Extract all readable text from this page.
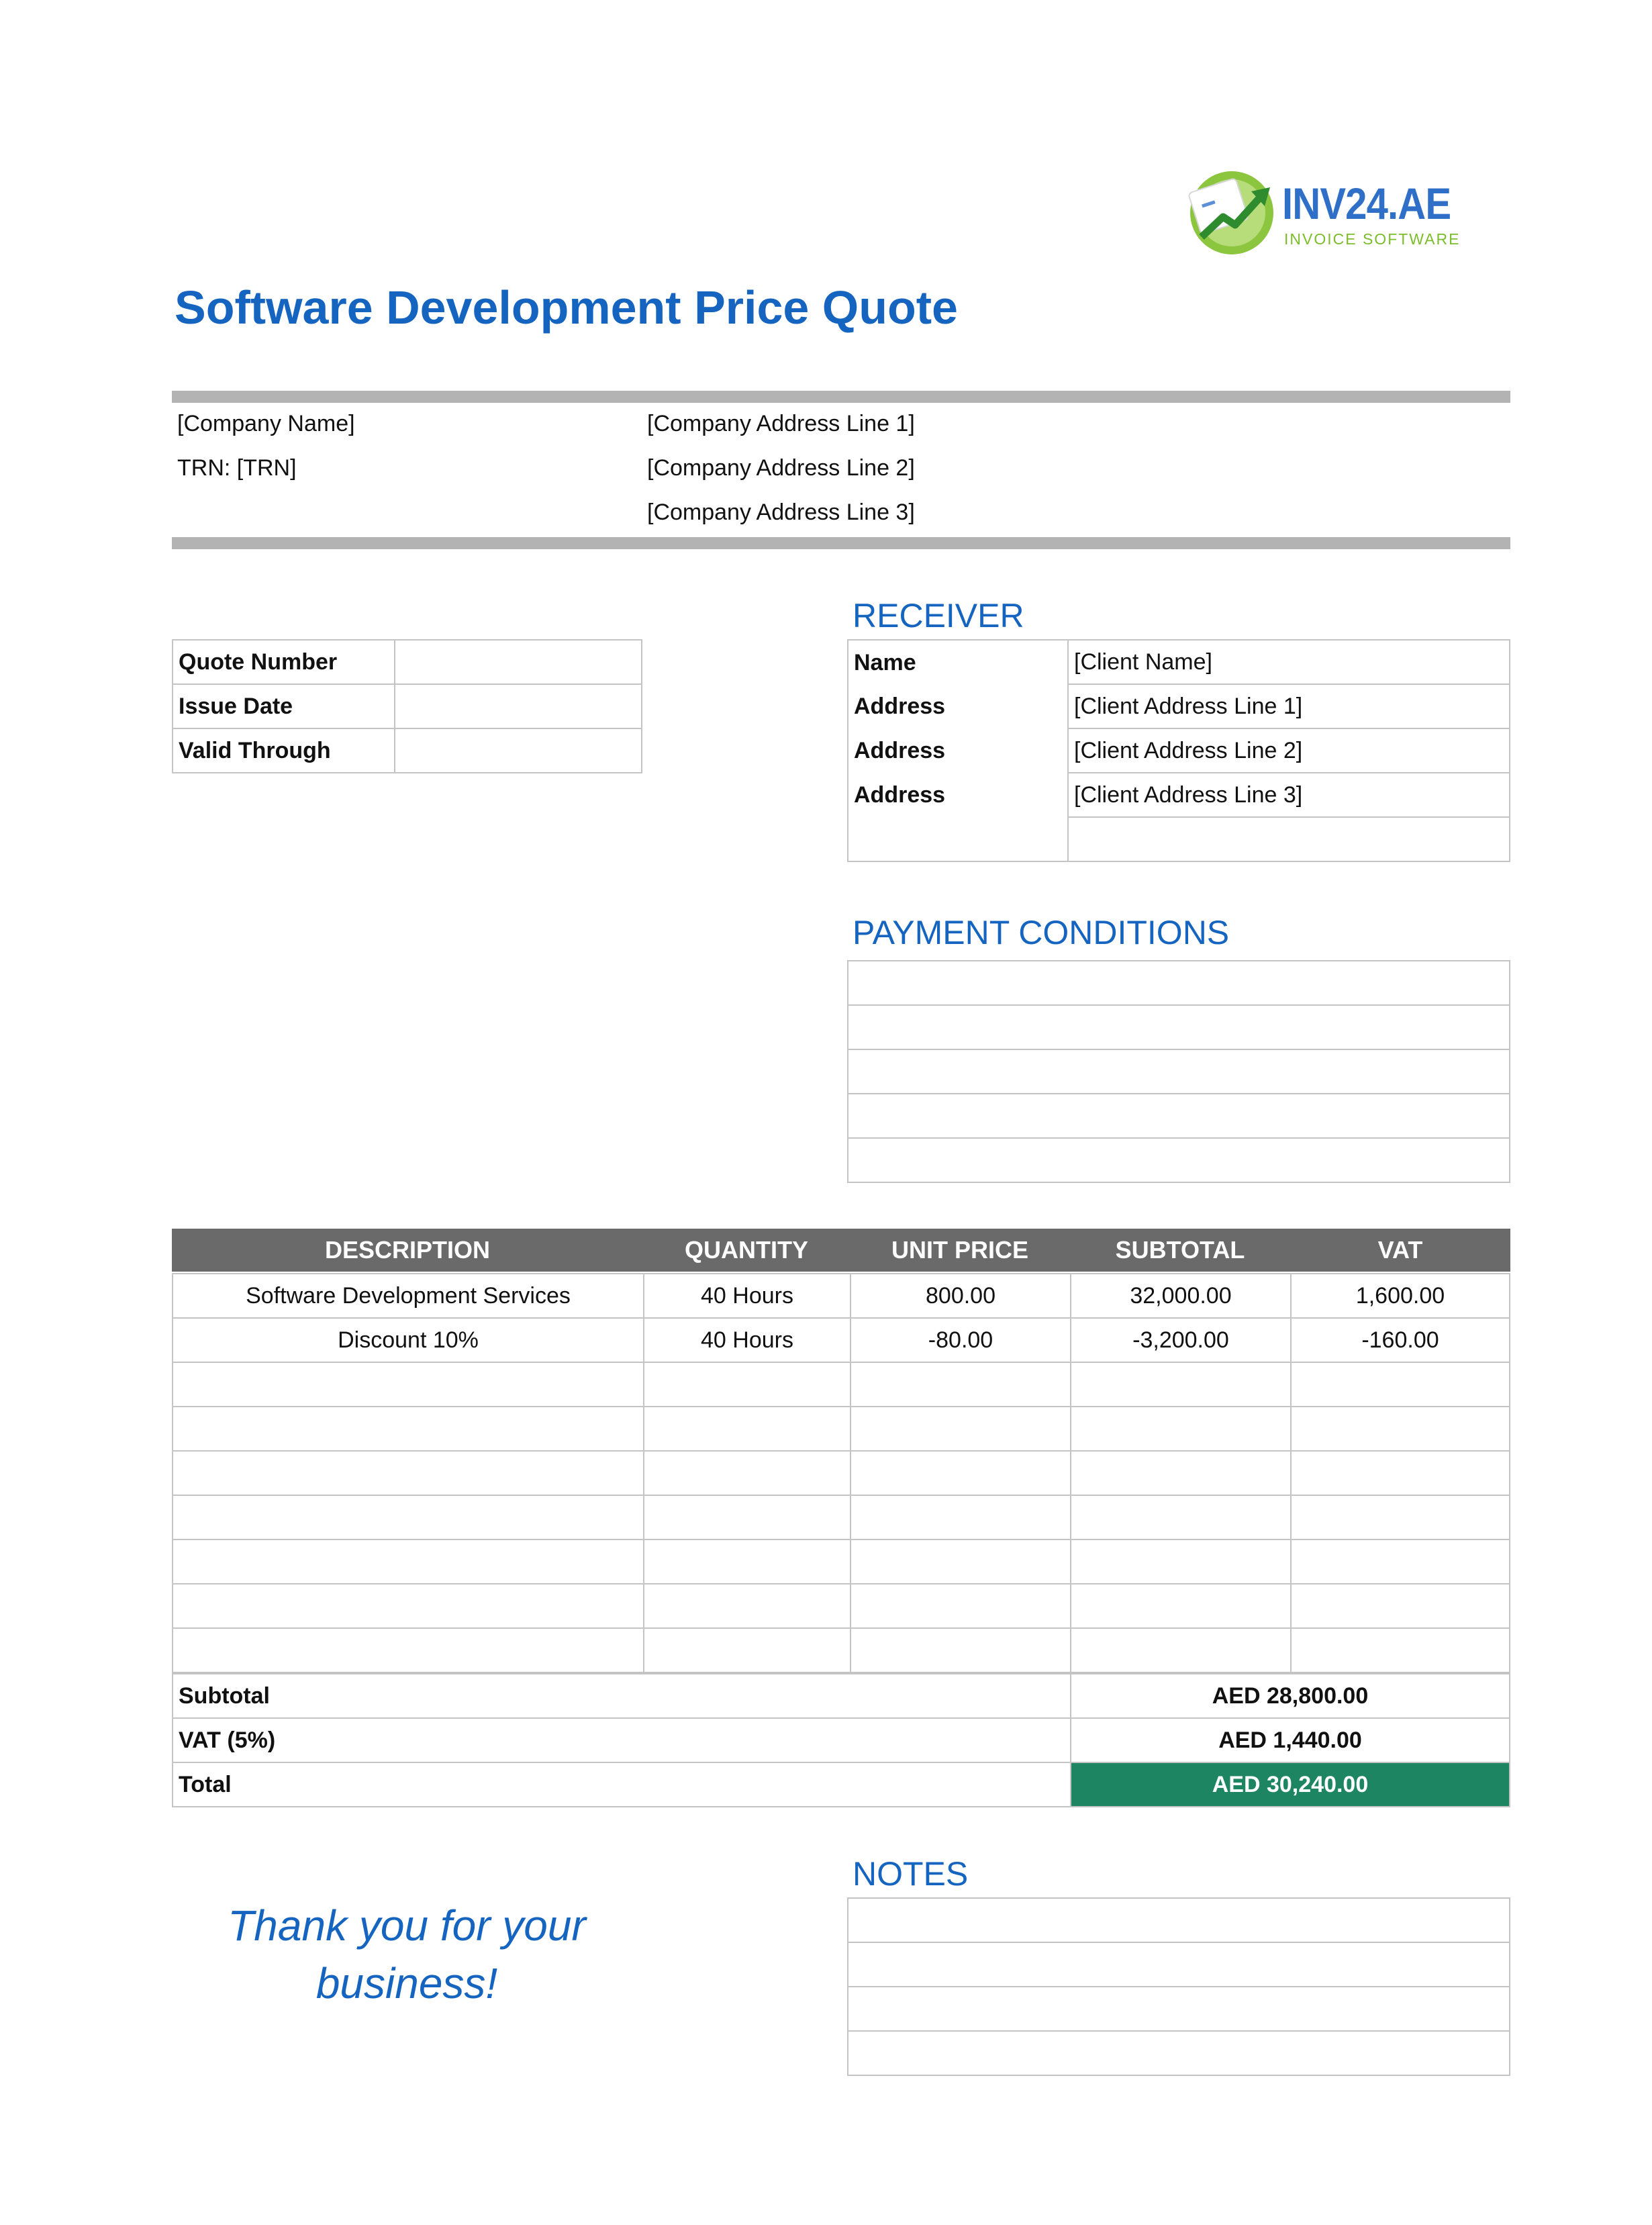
INV24.AE
INVOICE SOFTWARE
Software Development Price Quote
[Company Name]
TRN: [TRN]
[Company Address Line 1]
[Company Address Line 2]
[Company Address Line 3]
Quote Number
Issue Date
Valid Through
RECEIVER
Name	[Client Name]
Address	[Client Address Line 1]
Address	[Client Address Line 2]
Address	[Client Address Line 3]
PAYMENT CONDITIONS
DESCRIPTION	QUANTITY	UNIT PRICE	SUBTOTAL	VAT
Software Development Services	40 Hours	800.00	32,000.00	1,600.00
Discount 10%	40 Hours	-80.00	-3,200.00	-160.00
Subtotal	AED 28,800.00
VAT (5%)	AED 1,440.00
Total	AED 30,240.00
NOTES
Thank you for your business!
